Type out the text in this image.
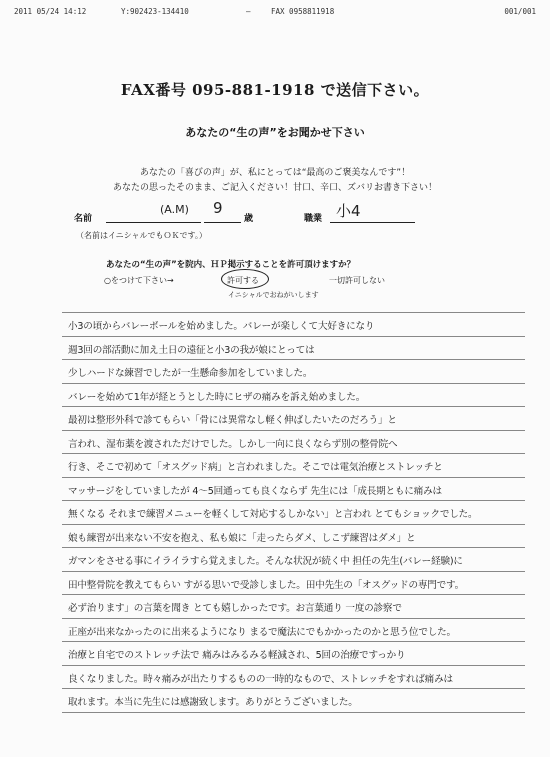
2011 05/24 14:12	Y:902423-134410	—	FAX 0958811918	001/001
FAX番号 095-881-1918 で送信下さい。
あなたの“生の声”をお聞かせ下さい
あなたの「喜びの声」が、私にとっては“最高のご褒美なんです”！
あなたの思ったそのまま、ご記入ください！甘口、辛口、ズバリお書き下さい！
名前
(A.M) 9
歳	職業 小4
（名前はイニシャルでもＯＫです。）
あなたの“生の声”を院内、ＨＰ掲示することを許可頂けますか？
○をつけて下さい→	許可する	一切許可しない
イニシャルでおねがいします
小3の頃からバレーボールを始めました。バレーが楽しくて大好きになり
週3回の部活動に加え土日の遠征と小3の我が娘にとっては
少しハードな練習でしたが一生懸命参加をしていました。
バレーを始めて1年が経とうとした時にヒザの痛みを訴え始めました。
最初は整形外科で診てもらい「骨には異常なし軽く伸ばしたいたのだろう」と
言われ、湿布薬を渡されただけでした。しかし一向に良くならず別の整骨院へ
行き、そこで初めて「オスグッド病」と言われました。そこでは電気治療とストレッチと
マッサージをしていましたが 4〜5回通っても良くならず 先生には「成長期ともに痛みは
無くなる それまで練習メニューを軽くして対応するしかない」と言われ とてもショックでした。
娘も練習が出来ない不安を抱え、私も娘に「走ったらダメ、しこず練習はダメ」と
ガマンをさせる事にイライラすら覚えました。そんな状況が続く中 担任の先生(バレー経験)に
田中整骨院を教えてもらい すがる思いで受診しました。田中先生の「オスグッドの専門です。
必ず治ります」の言葉を聞き とても嬉しかったです。お言葉通り 一度の診察で
正座が出来なかったのに出来るようになり まるで魔法にでもかかったのかと思う位でした。
治療と自宅でのストレッチ法で 痛みはみるみる軽減され、5回の治療ですっかり
良くなりました。時々痛みが出たりするものの一時的なもので、ストレッチをすれば痛みは
取れます。本当に先生には感謝致します。ありがとうございました。
